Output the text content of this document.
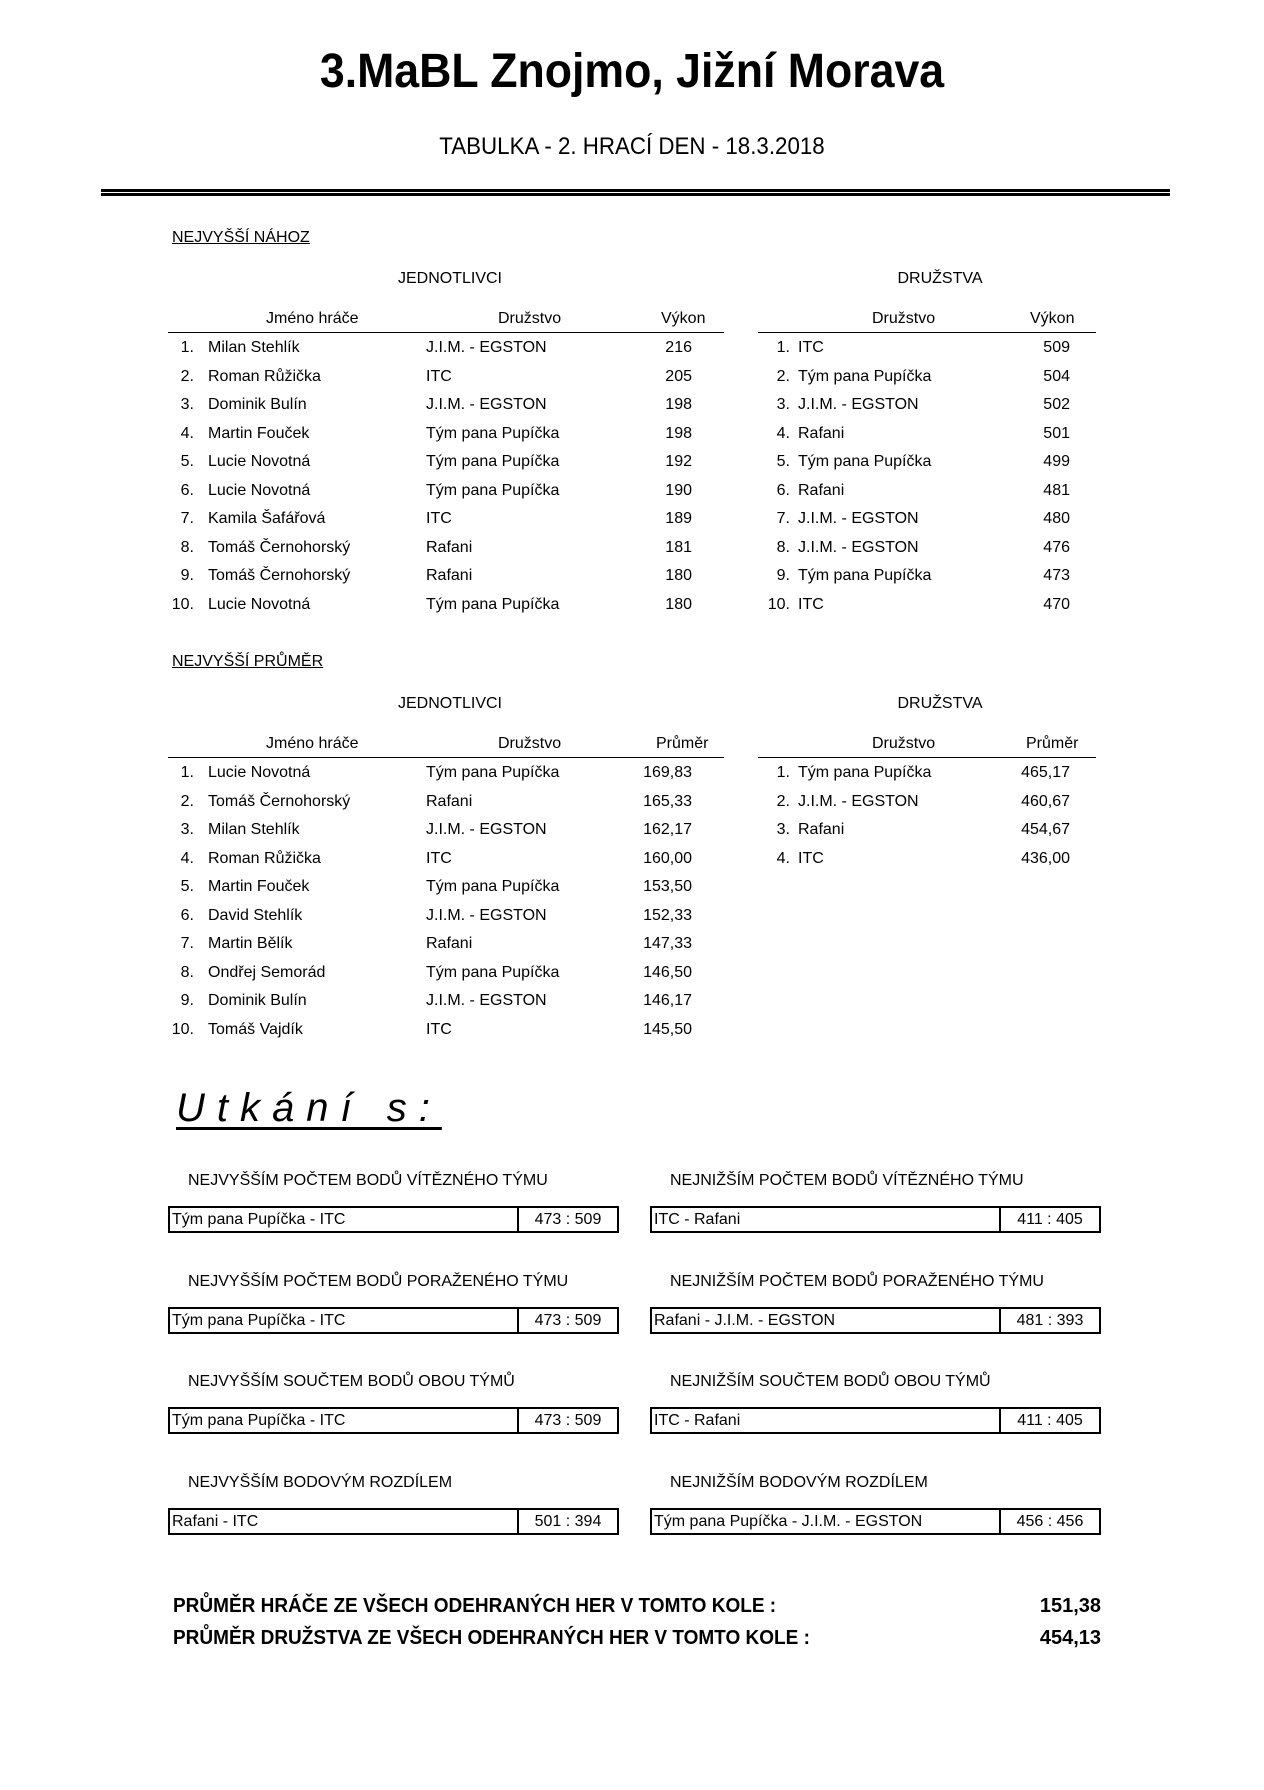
3.MaBL Znojmo, Jižní Morava
TABULKA - 2. HRACÍ DEN - 18.3.2018
NEJVYŠŠÍ NÁHOZ
JEDNOTLIVCI	DRUŽSTVA
Jméno hráče	Družstvo	Výkon
1. Milan Stehlík	J.I.M. - EGSTON	216
2. Roman Růžička	ITC	205
3. Dominik Bulín	J.I.M. - EGSTON	198
4. Martin Fouček	Tým pana Pupíčka	198
5. Lucie Novotná	Tým pana Pupíčka	192
6. Lucie Novotná	Tým pana Pupíčka	190
7. Kamila Šafářová	ITC	189
8. Tomáš Černohorský	Rafani	181
9. Tomáš Černohorský	Rafani	180
10. Lucie Novotná	Tým pana Pupíčka	180
Družstvo	Výkon
1. ITC	509
2. Tým pana Pupíčka	504
3. J.I.M. - EGSTON	502
4. Rafani	501
5. Tým pana Pupíčka	499
6. Rafani	481
7. J.I.M. - EGSTON	480
8. J.I.M. - EGSTON	476
9. Tým pana Pupíčka	473
10. ITC	470
NEJVYŠŠÍ PRŮMĚR
JEDNOTLIVCI	DRUŽSTVA
Jméno hráče	Družstvo	Průměr
1. Lucie Novotná	Tým pana Pupíčka	169,83
2. Tomáš Černohorský	Rafani	165,33
3. Milan Stehlík	J.I.M. - EGSTON	162,17
4. Roman Růžička	ITC	160,00
5. Martin Fouček	Tým pana Pupíčka	153,50
6. David Stehlík	J.I.M. - EGSTON	152,33
7. Martin Bělík	Rafani	147,33
8. Ondřej Semorád	Tým pana Pupíčka	146,50
9. Dominik Bulín	J.I.M. - EGSTON	146,17
10. Tomáš Vajdík	ITC	145,50
Družstvo	Průměr
1. Tým pana Pupíčka	465,17
2. J.I.M. - EGSTON	460,67
3. Rafani	454,67
4. ITC	436,00
Utkání s:
NEJVYŠŠÍM POČTEM BODŮ VÍTĚZNÉHO TÝMU
Tým pana Pupíčka - ITC	473 : 509
NEJNIŽŠÍM POČTEM BODŮ VÍTĚZNÉHO TÝMU
ITC - Rafani	411 : 405
NEJVYŠŠÍM POČTEM BODŮ PORAŽENÉHO TÝMU
Tým pana Pupíčka - ITC	473 : 509
NEJNIŽŠÍM POČTEM BODŮ PORAŽENÉHO TÝMU
Rafani - J.I.M. - EGSTON	481 : 393
NEJVYŠŠÍM SOUČTEM BODŮ OBOU TÝMŮ
Tým pana Pupíčka - ITC	473 : 509
NEJNIŽŠÍM SOUČTEM BODŮ OBOU TÝMŮ
ITC - Rafani	411 : 405
NEJVYŠŠÍM BODOVÝM ROZDÍLEM
Rafani - ITC	501 : 394
NEJNIŽŠÍM BODOVÝM ROZDÍLEM
Tým pana Pupíčka - J.I.M. - EGSTON	456 : 456
PRŮMĚR HRÁČE ZE VŠECH ODEHRANÝCH HER V TOMTO KOLE :	151,38
PRŮMĚR DRUŽSTVA ZE VŠECH ODEHRANÝCH HER V TOMTO KOLE :	454,13
